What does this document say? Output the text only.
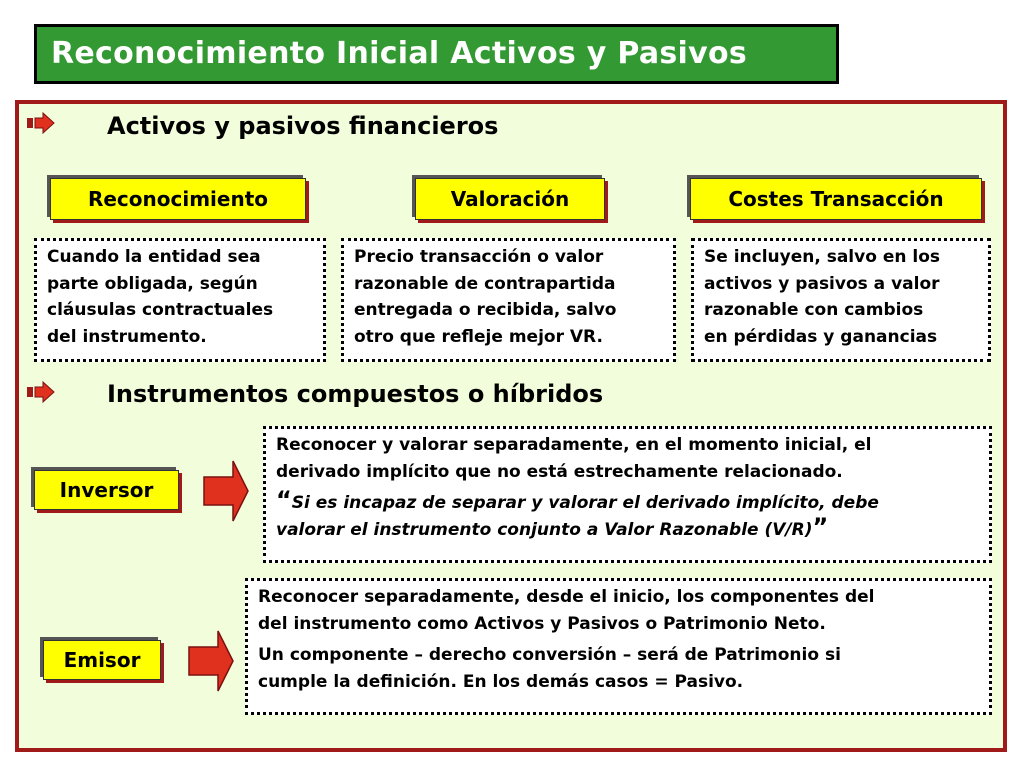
Reconocimiento Inicial Activos y Pasivos
Activos y pasivos financieros
Reconocimiento	Valoración	Costes Transacción
Cuando la entidad sea
parte obligada, según
cláusulas contractuales
del instrumento.
Precio transacción o valor
razonable de contrapartida
entregada o recibida, salvo
otro que refleje mejor VR.
Se incluyen, salvo en los
activos y pasivos a valor
razonable con cambios
en pérdidas y ganancias
Instrumentos compuestos o híbridos
Inversor
Reconocer y valorar separadamente, en el momento inicial, el
derivado implícito que no está estrechamente relacionado.
“Si es incapaz de separar y valorar el derivado implícito, debe
valorar el instrumento conjunto a Valor Razonable (V/R)”
Emisor
Reconocer separadamente, desde el inicio, los componentes del
del instrumento como Activos y Pasivos o Patrimonio Neto.
Un componente – derecho conversión – será de Patrimonio si
cumple la definición. En los demás casos = Pasivo.
